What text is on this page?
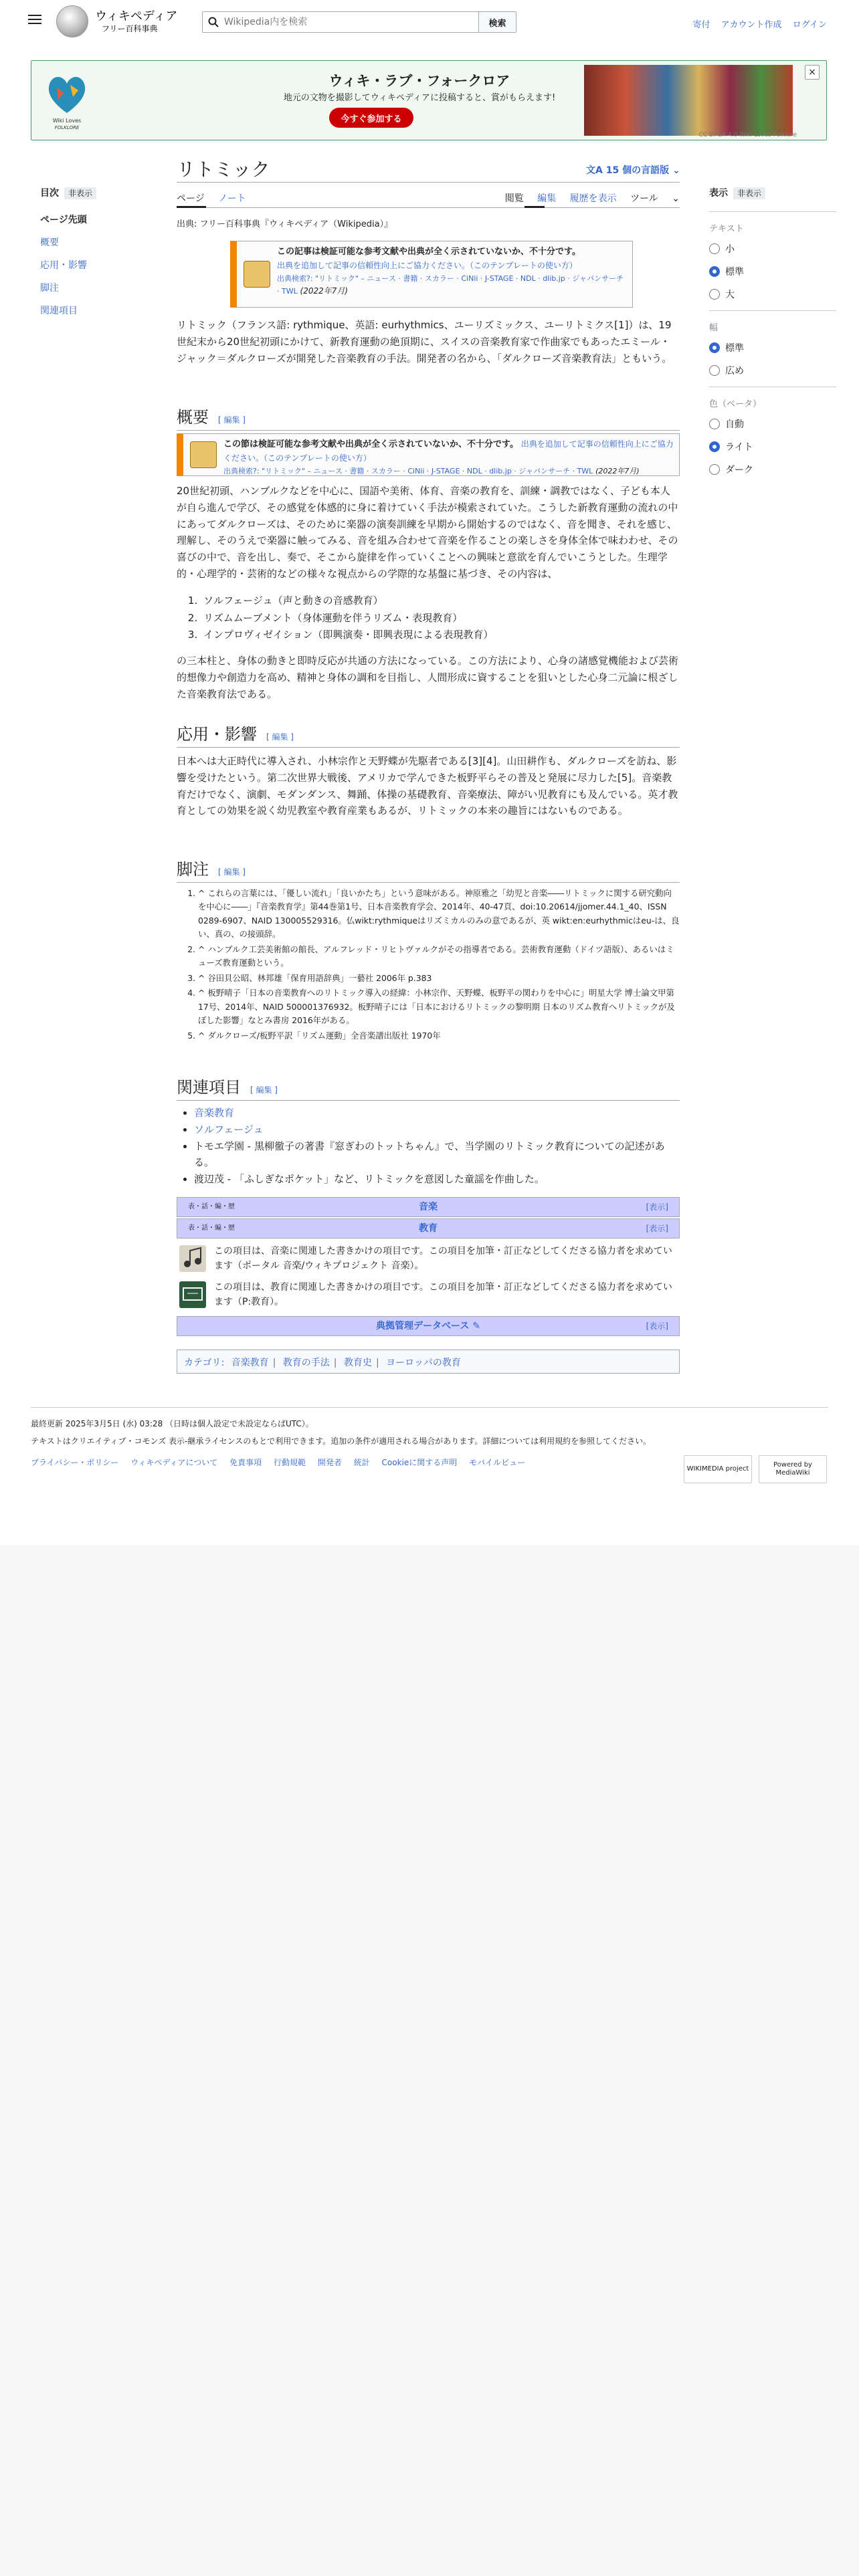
ウィキペディア
フリー百科事典
Wikipedia内を検索
検索	寄付 アカウント作成 ログイン
Wiki Loves
FOLKLORE
ウィキ・ラブ・フォークロア
地元の文物を撮影してウィキペディアに投稿すると、賞がもらえます!
今すぐ参加する
CC BY-SA 4.0 Wiki Loves Folklore
×
目次 非表示
ページ先頭
概要
応用・影響
脚注
関連項目
リトミック	文A 15 個の言語版 ⌄
ページ ノート	閲覧 編集 履歴を表示 ツール ⌄
出典: フリー百科事典『ウィキペディア（Wikipedia）』
この記事は検証可能な参考文献や出典が全く示されていないか、不十分です。
出典を追加して記事の信頼性向上にご協力ください。（このテンプレートの使い方）
出典検索?: "リトミック" – ニュース · 書籍 · スカラー · CiNii · J-STAGE · NDL · dlib.jp · ジャパンサーチ · TWL (2022年7月)
リトミック（フランス語: rythmique、英語: eurhythmics、ユーリズミックス、ユーリトミクス[1]）は、19世紀末から20世紀初頭にかけて、新教育運動の絶頂期に、スイスの音楽教育家で作曲家でもあったエミール・ジャック＝ダルクローズが開発した音楽教育の手法。開発者の名から、「ダルクローズ音楽教育法」ともいう。
概要 [ 編集 ]
この節は検証可能な参考文献や出典が全く示されていないか、不十分です。 出典を追加して記事の信頼性向上にご協力ください。（このテンプレートの使い方）
出典検索?: "リトミック" – ニュース · 書籍 · スカラー · CiNii · J-STAGE · NDL · dlib.jp · ジャパンサーチ · TWL (2022年7月)
20世紀初頭、ハンブルクなどを中心に、国語や美術、体育、音楽の教育を、訓練・調教ではなく、子ども本人が自ら進んで学び、その感覚を体感的に身に着けていく手法が模索されていた。こうした新教育運動の流れの中にあってダルクローズは、そのために楽器の演奏訓練を早期から開始するのではなく、音を聞き、それを感じ、理解し、そのうえで楽器に触ってみる、音を組み合わせて音楽を作ることの楽しさを身体全体で味わわせ、その喜びの中で、音を出し、奏で、そこから旋律を作っていくことへの興味と意欲を育んでいこうとした。生理学的・心理学的・芸術的などの様々な視点からの学際的な基盤に基づき、その内容は、
1. ソルフェージュ（声と動きの音感教育）
2. リズムムーブメント（身体運動を伴うリズム・表現教育）
3. インプロヴィゼイション（即興演奏・即興表現による表現教育）
の三本柱と、身体の動きと即時反応が共通の方法になっている。この方法により、心身の諸感覚機能および芸術的想像力や創造力を高め、精神と身体の調和を目指し、人間形成に資することを狙いとした心身二元論に根ざした音楽教育法である。
応用・影響 [ 編集 ]
日本へは大正時代に導入され、小林宗作と天野蝶が先駆者である[3][4]。山田耕作も、ダルクローズを訪ね、影響を受けたという。第二次世界大戦後、アメリカで学んできた板野平らその普及と発展に尽力した[5]。音楽教育だけでなく、演劇、モダンダンス、舞踊、体操の基礎教育、音楽療法、障がい児教育にも及んでいる。英才教育としての効果を説く幼児教室や教育産業もあるが、リトミックの本来の趣旨にはないものである。
脚注 [ 編集 ]
1. ^ これらの言葉には、「優しい流れ」「良いかたち」という意味がある。神原雅之「幼児と音楽――リトミックに関する研究動向を中心に――」『音楽教育学』第44巻第1号、日本音楽教育学会、2014年、40-47頁、doi:10.20614/jjomer.44.1_40、ISSN 0289-6907、NAID 130005529316。仏wikt:rythmiqueはリズミカルのみの意であるが、英 wikt:en:eurhythmicはeu-は、良い、真の、の接頭辞。
2. ^ ハンブルク工芸美術館の館長、アルフレッド・リヒトヴァルクがその指導者である。芸術教育運動（ドイツ語版）、あるいはミューズ教育運動という。
3. ^ 谷田貝公昭、林邦雄「保育用語辞典」一藝社 2006年 p.383
4. ^ 板野晴子「日本の音楽教育へのリトミック導入の経緯：小林宗作、天野蝶、板野平の関わりを中心に」明星大学 博士論文甲第17号、2014年、NAID 500001376932。板野晴子には「日本におけるリトミックの黎明期 日本のリズム教育へリトミックが及ぼした影響」なとみ書房 2016年がある。
5. ^ ダルクローズ/板野平訳「リズム運動」全音楽譜出版社 1970年
関連項目 [ 編集 ]
• 音楽教育
• ソルフェージュ
• トモエ学園 - 黒柳徹子の著書『窓ぎわのトットちゃん』で、当学園のリトミック教育についての記述がある。
• 渡辺茂 - 「ふしぎなポケット」など、リトミックを意図した童謡を作曲した。
表・話・編・歴	音楽	[表示]
表・話・編・歴	教育	[表示]
この項目は、音楽に関連した書きかけの項目です。この項目を加筆・訂正などしてくださる協力者を求めています（ポータル 音楽/ウィキプロジェクト 音楽）。
この項目は、教育に関連した書きかけの項目です。この項目を加筆・訂正などしてくださる協力者を求めています（P:教育）。
典拠管理データベース ✎	[表示]
カテゴリ: 音楽教育 | 教育の手法 | 教育史 | ヨーロッパの教育
表示 非表示
テキスト
小
標準
大
幅
標準
広め
色（ベータ）
自動
ライト
ダーク
最終更新 2025年3月5日 (水) 03:28 （日時は個人設定で未設定ならばUTC）。
テキストはクリエイティブ・コモンズ 表示-継承ライセンスのもとで利用できます。追加の条件が適用される場合があります。詳細については利用規約を参照してください。
プライバシー・ポリシー ウィキペディアについて 免責事項 行動規範 開発者 統計 Cookieに関する声明 モバイルビュー
WIKIMEDIA project
Powered by MediaWiki
